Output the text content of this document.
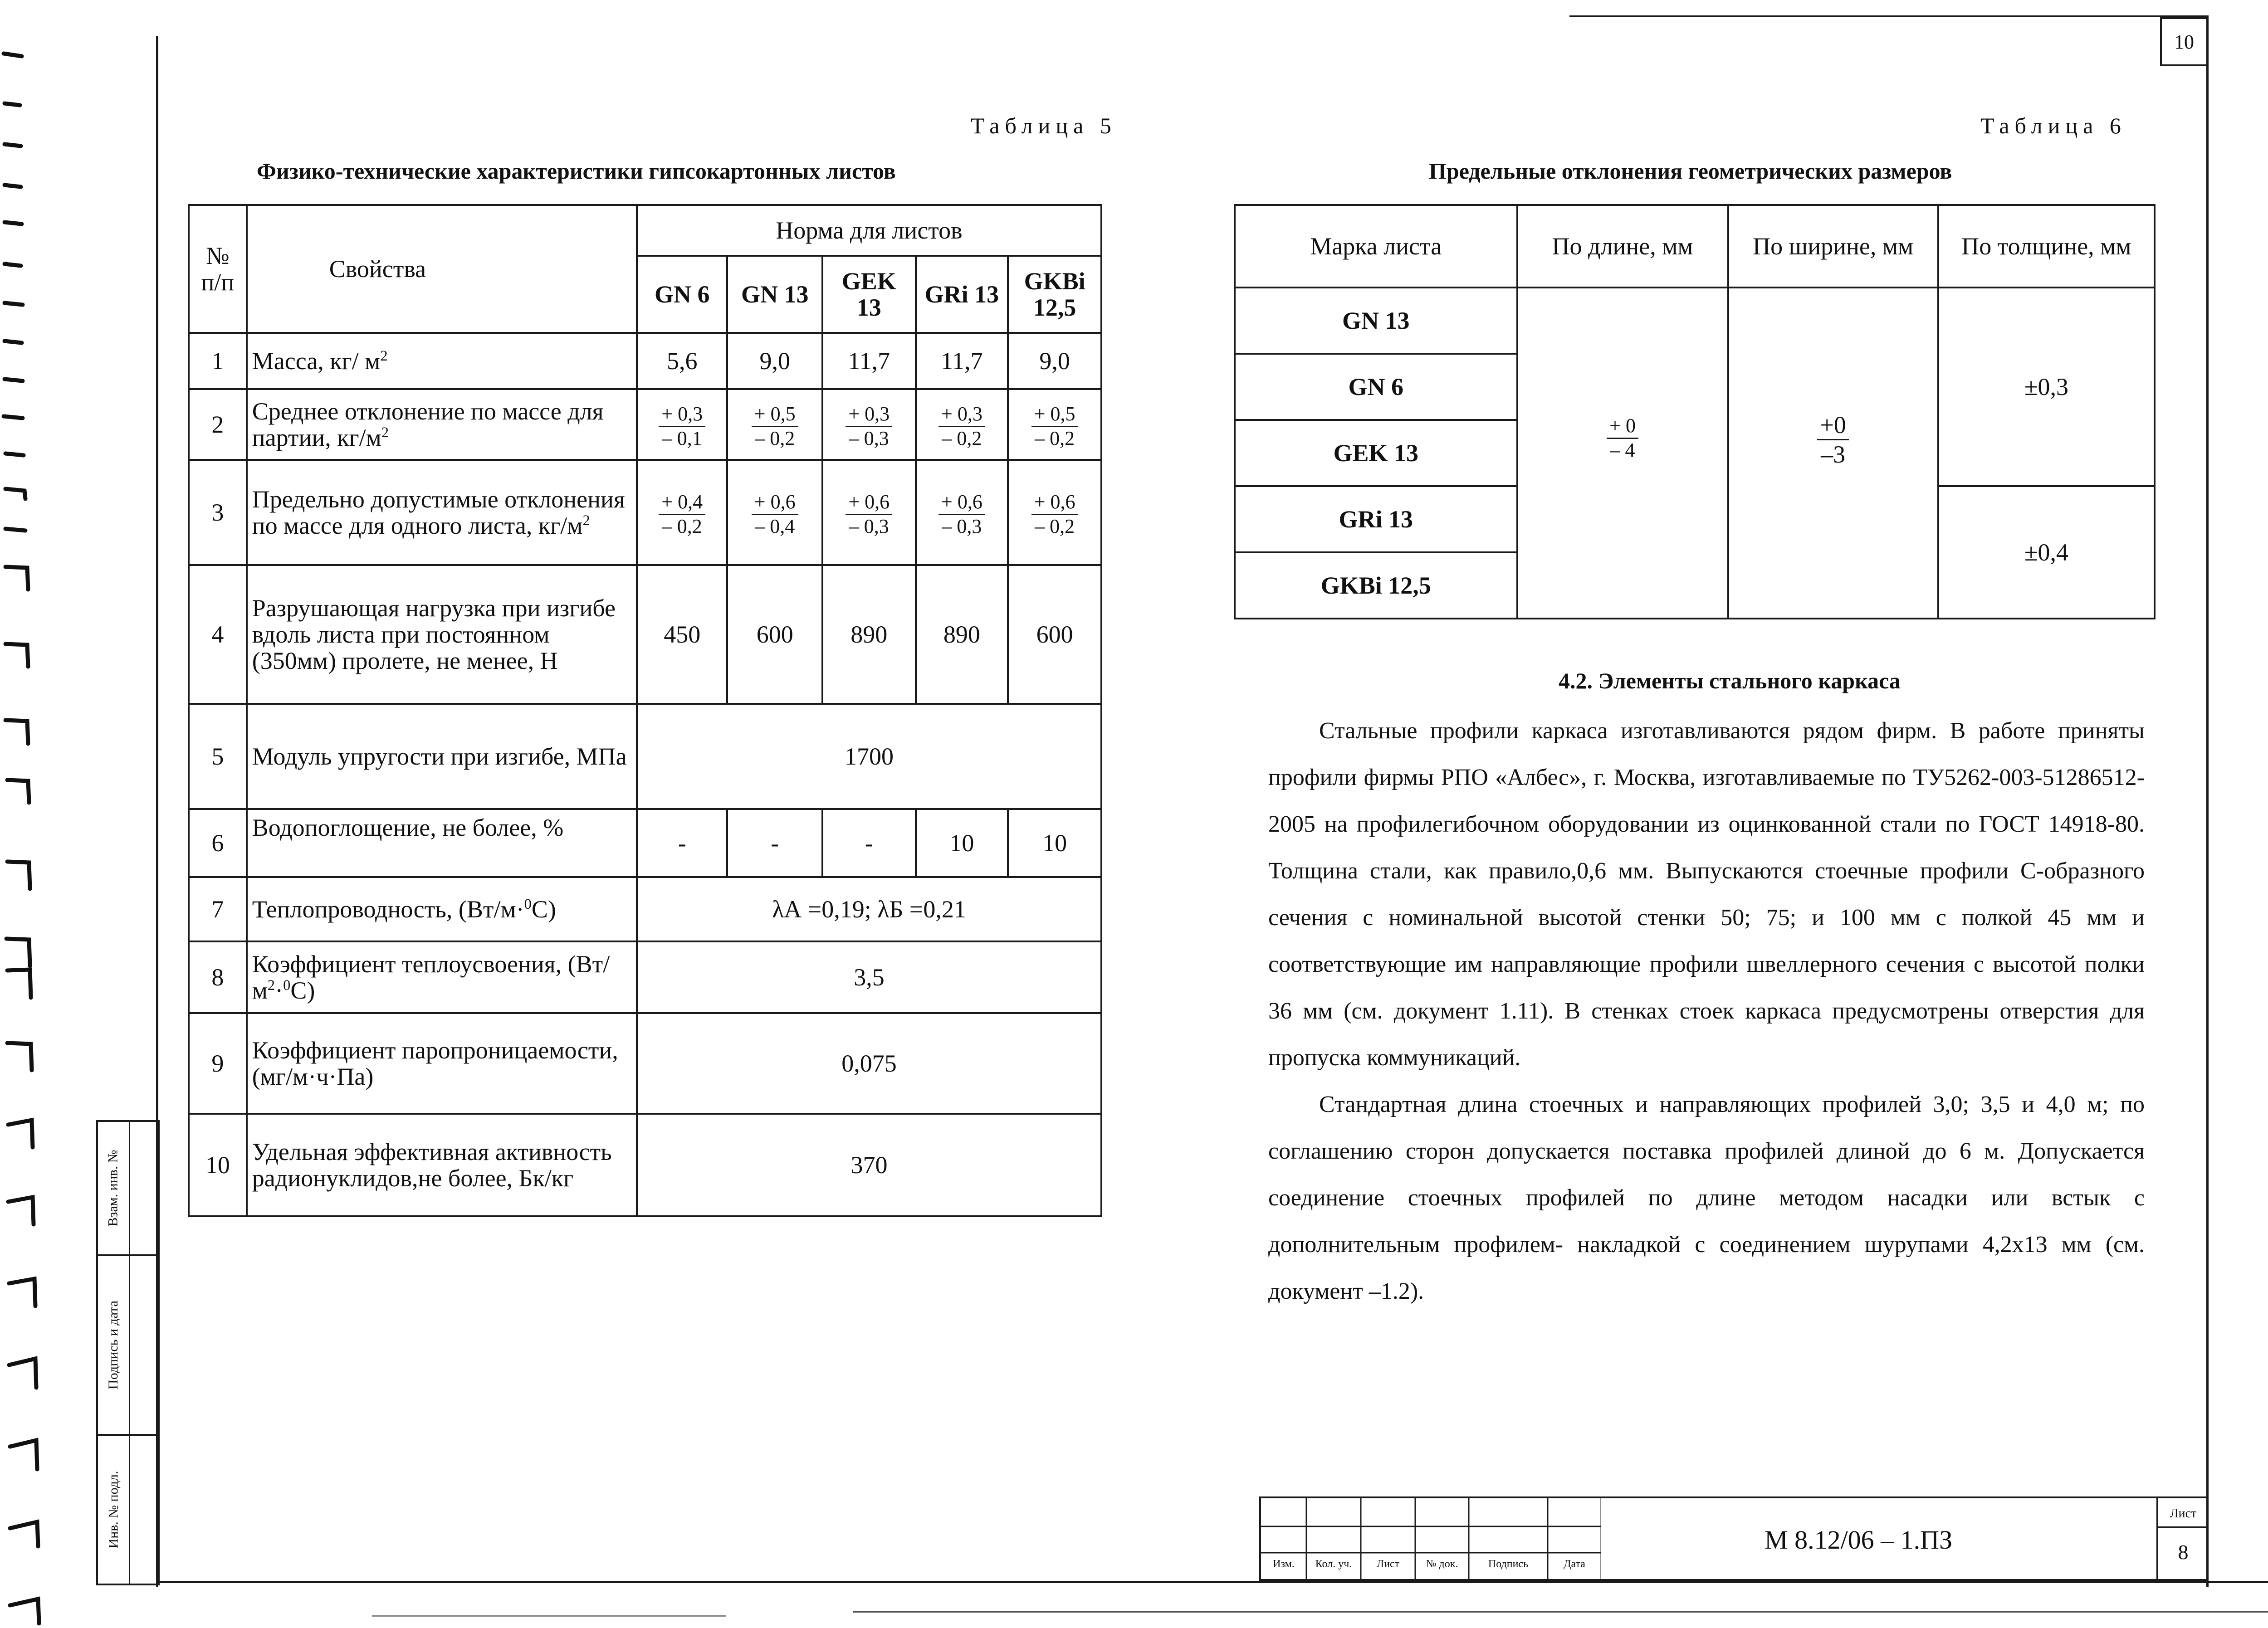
10
Взам. инв. №
Подпись и дата
Инв. № подл.
Таблица 5
Физико-технические характеристики гипсокартонных листов
№ п/п	Свойства	Норма для листов				
		GN 6	GN 13	GEK 13	GRi 13	GKBi 12,5
1	Масса, кг/ $м^2$	5,6	9,0	11,7	11,7	9,0
2	Среднее отклонение по массе для партии, $кг/м^2$	$\frac{+ 0,3}{- 0,1}$	$\frac{+ 0,5}{- 0,2}$	$\frac{+ 0,3}{- 0,3}$	$\frac{+ 0,3}{- 0,2}$	$\frac{+ 0,5}{- 0,2}$

3	Предельно допустимые отклонения по массе для одного листа, $кг/м^2$	$\frac{+ 0,4}{- 0,2}$	$\frac{+ 0,6}{- 0,4}$	$\frac{+ 0,6}{- 0,3}$	$\frac{+ 0,6}{- 0,3}$	$\frac{+ 0,6}{- 0,2}$

4	Разрушающая нагрузка при изгибе вдоль листа при постоянном (350мм) пролете, не менее, Н	450	600	890	890	600
5	Модуль упругости при изгибе, МПа	1700				
6	Водопоглощение, не более, %	-	-	-	10	10
7	Теплопроводность, (Вт/м·$^0$С)	λА =0,19; λБ =0,21				
8	Коэффициент теплоусвоения, $(Вт/м^2\cdot^0С)$	3,5				
9	Коэффициент паропроницаемости, (мг/м·ч·Па)	0,075				
10	Удельная эффективная активность радионуклидов,не более, Бк/кг	370				
Таблица 6
Предельные отклонения геометрических размеров
Марка листа	По длине, мм	По ширине, мм	По толщине, мм
GN 13	$\frac{+ 0}{- 4}$	$\frac{+0}{-3}$	±0,3
GN 6			
GEK 13			
GRi 13			±0,4
GKBi 12,5			
4.2. Элементы стального каркаса

Стальные профили каркаса изготавливаются рядом фирм. В работе приняты профили фирмы РПО «Албес», г. Москва, изготавливаемые по ТУ5262-003-51286512-2005 на профилегибочном оборудовании из оцинкованной стали по ГОСТ 14918-80. Толщина стали, как правило,0,6 мм. Выпускаются стоечные профили С-образного сечения с номинальной высотой стенки 50; 75; и 100 мм с полкой 45 мм и соответствующие им направляющие профили швеллерного сечения с высотой полки 36 мм (см. документ 1.11). В стенках стоек каркаса предусмотрены отверстия для пропуска коммуникаций.

Стандартная длина стоечных и направляющих профилей 3,0; 3,5 и 4,0 м; по соглашению сторон допускается поставка профилей длиной до 6 м. Допускается соединение стоечных профилей по длине методом насадки или встык с дополнительным профилем- накладкой с соединением шурупами 4,2х13 мм (см. документ –1.2).

Изм.	Кол. уч.	Лист	№ док.	Подпись	Дата
М 8.12/06 – 1.ПЗ
Лист
8
